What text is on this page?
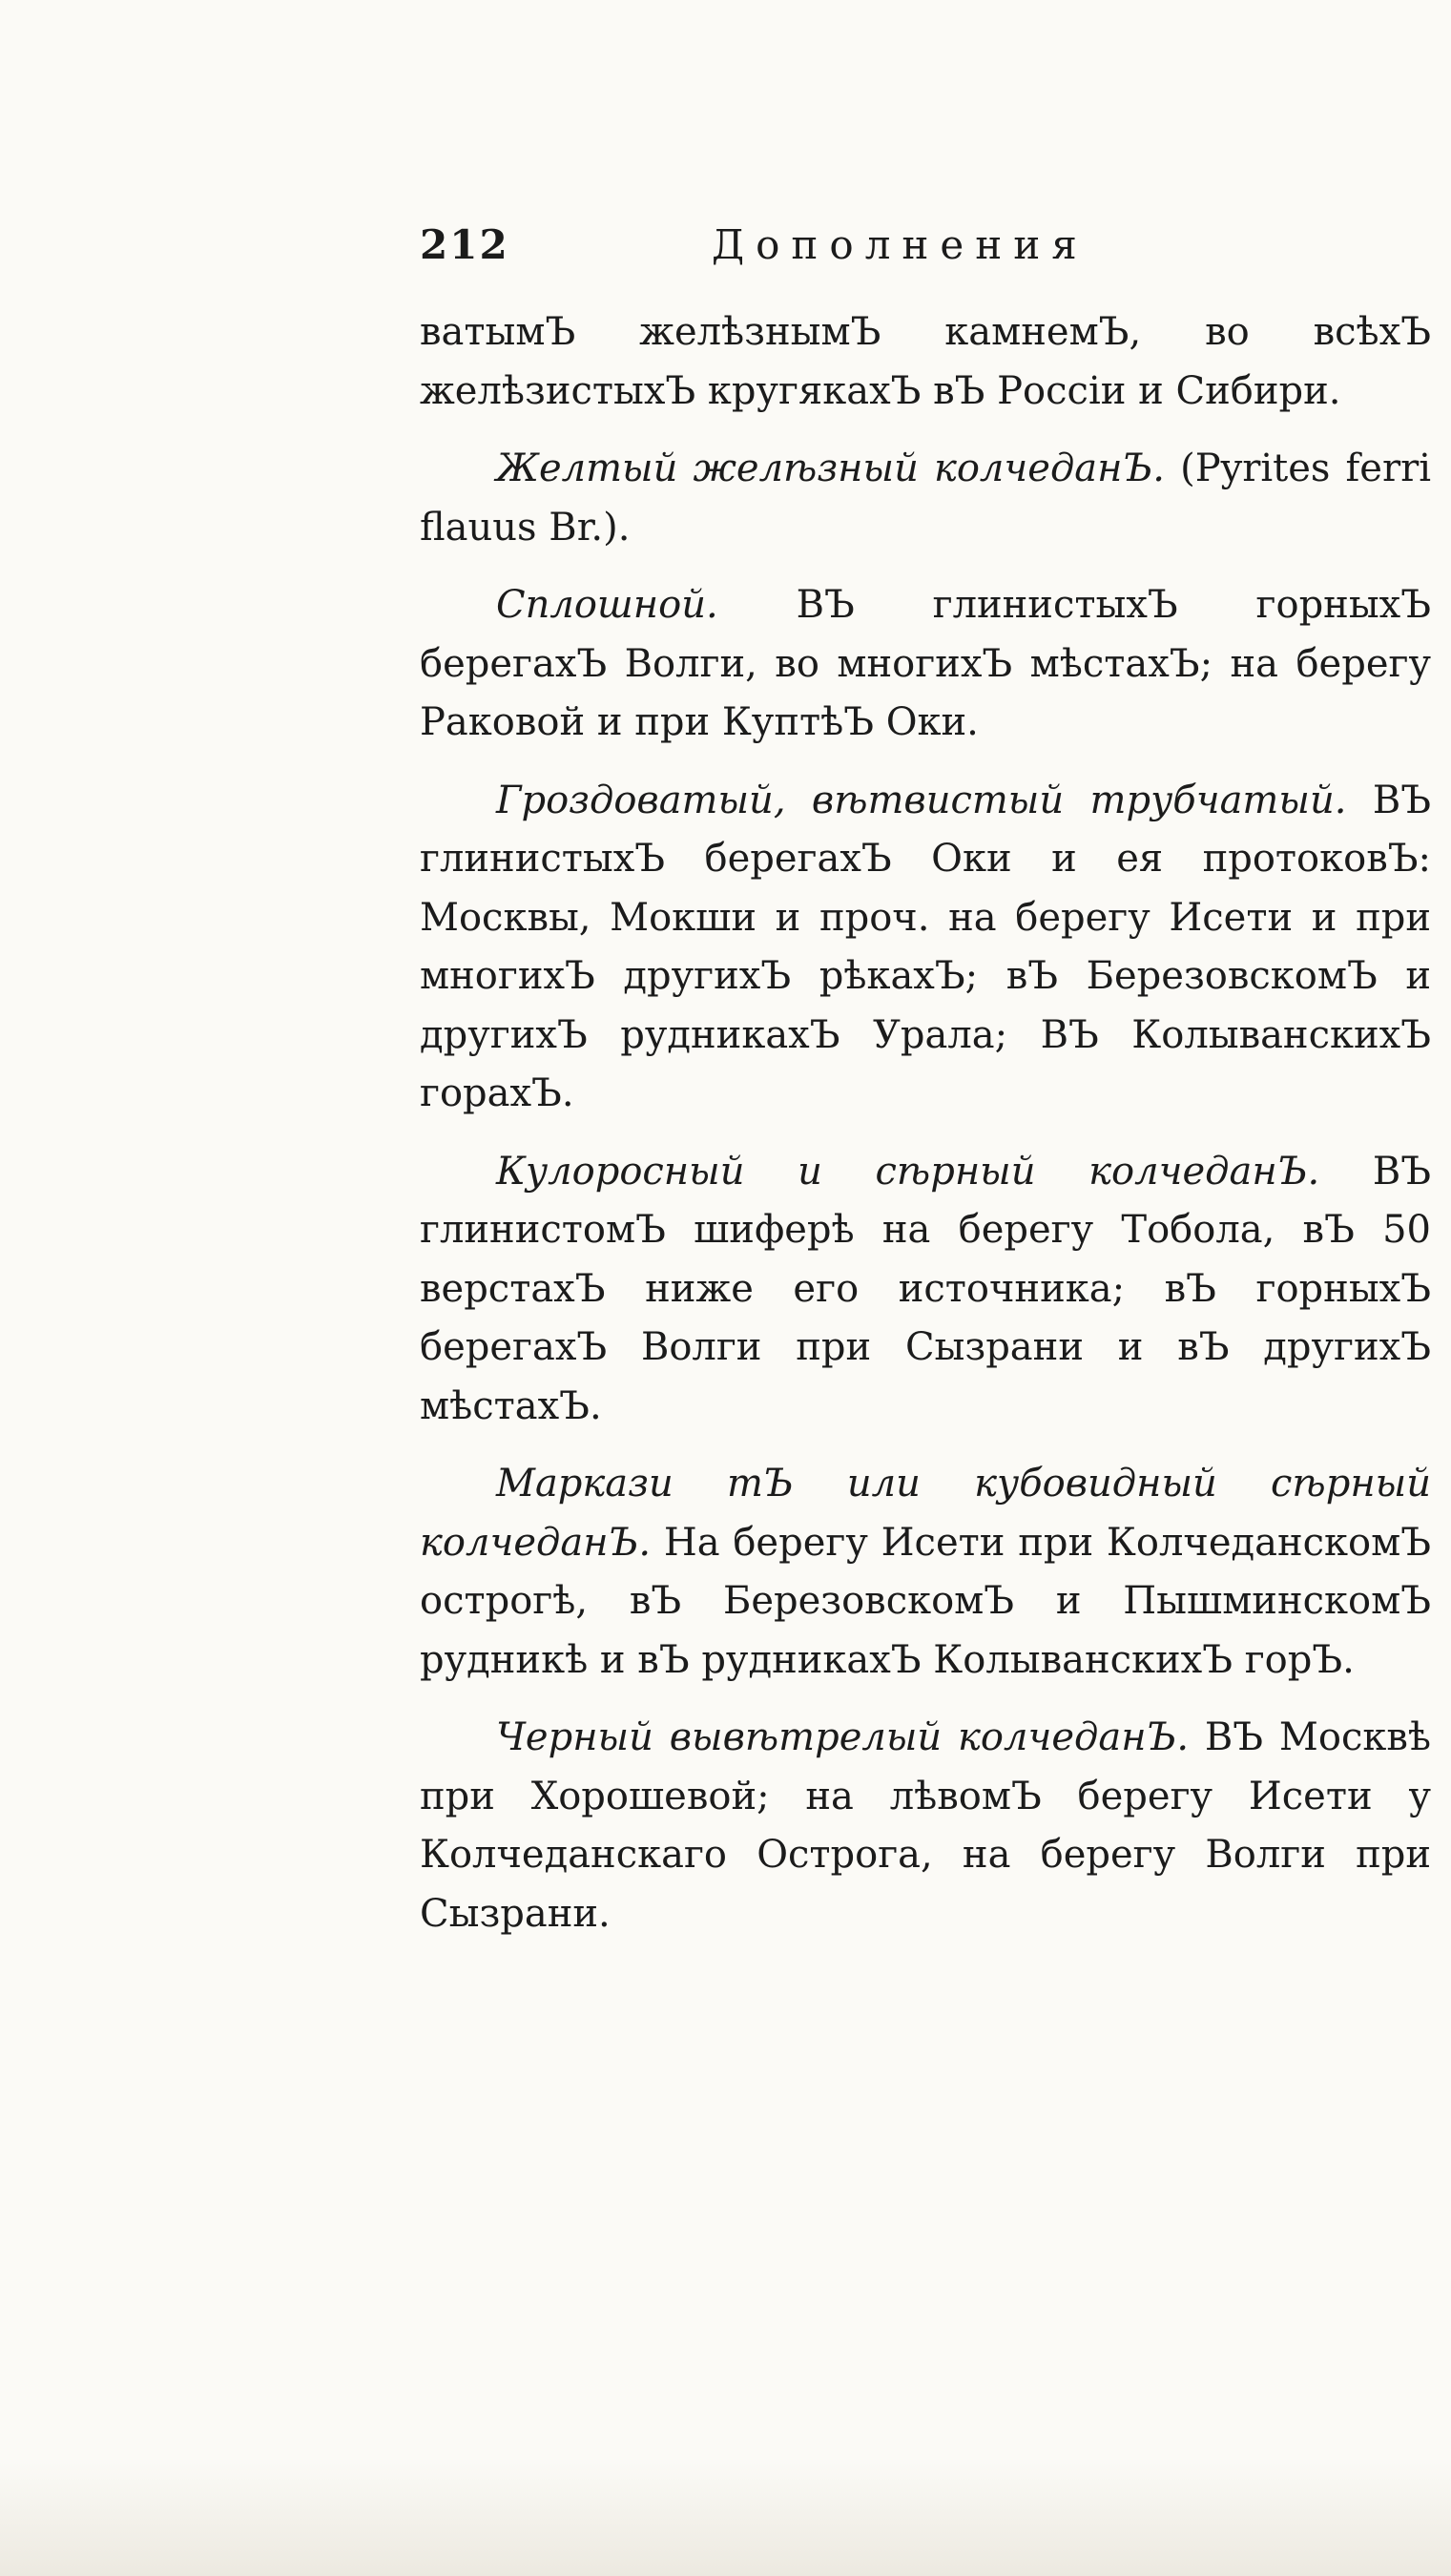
212	Дополнения

ватымЪ желѣзнымЪ камнемЪ, во всѣхЪ желѣзистыхЪ кругякахЪ вЪ Россiи и Сибири.

Желтый желѣзный колчеданЪ. (Pyrites ferri flauus Br.).

Сплошной. ВЪ глинистыхЪ горныхЪ берегахЪ Волги, во многихЪ мѣстахЪ; на берегу Раковой и при КуптѣЪ Оки.

Гроздоватый, вѣтвистый трубчатый. ВЪ глинистыхЪ берегахЪ Оки и ея протоковЪ: Москвы, Мокши и проч. на берегу Исети и при многихЪ другихЪ рѣкахЪ; вЪ БерезовскомЪ и другихЪ рудникахЪ Урала; ВЪ КолыванскихЪ горахЪ.

Кулоросный и сѣрный колчеданЪ. ВЪ глинистомЪ шиферѣ на берегу Тобола, вЪ 50 верстахЪ ниже его источника; вЪ горныхЪ берегахЪ Волги при Сызрани и вЪ другихЪ мѣстахЪ.

Маркази тЪ или кубовидный сѣрный колчеданЪ. На берегу Исети при КолчеданскомЪ острогѣ, вЪ БерезовскомЪ и ПышминскомЪ рудникѣ и вЪ рудникахЪ КолыванскихЪ горЪ.

Черный вывѣтрелый колчеданЪ. ВЪ Москвѣ при Хорошевой; на лѣвомЪ берегу Исети у Колчеданскаго Острога, на берегу Волги при Сызрани.
